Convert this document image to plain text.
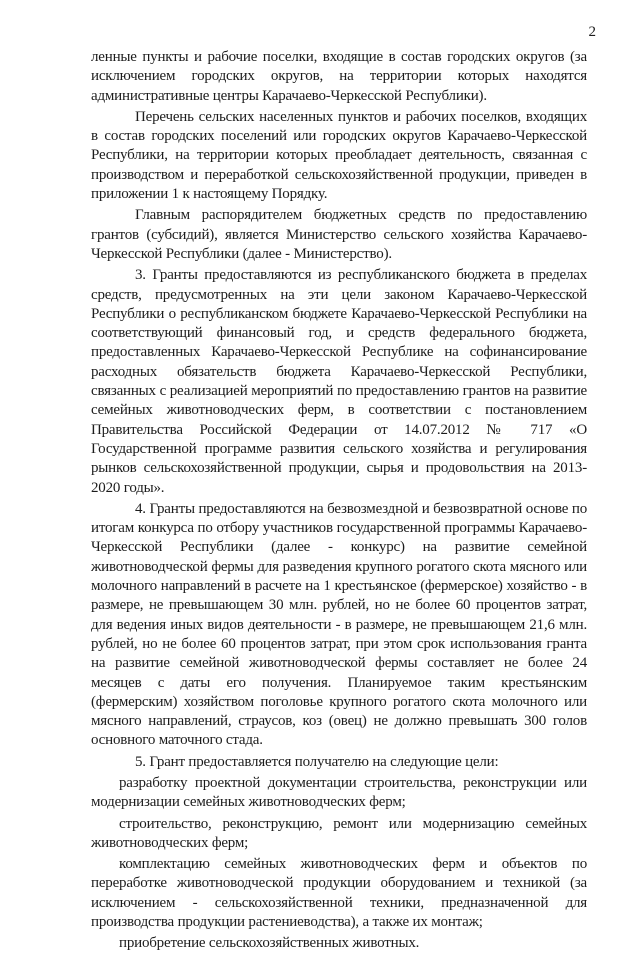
2

ленные пункты и рабочие поселки, входящие в состав городских округов (за исключением городских округов, на территории которых находятся административные центры Карачаево-Черкесской Республики).

Перечень сельских населенных пунктов и рабочих поселков, входящих в состав городских поселений или городских округов Карачаево-Черкесской Республики, на территории которых преобладает деятельность, связанная с производством и переработкой сельскохозяйственной продукции, приведен в приложении 1 к настоящему Порядку.

Главным распорядителем бюджетных средств по предоставлению грантов (субсидий), является Министерство сельского хозяйства Карачаево-Черкесской Республики (далее - Министерство).

3. Гранты предоставляются из республиканского бюджета в пределах средств, предусмотренных на эти цели законом Карачаево-Черкесской Республики о республиканском бюджете Карачаево-Черкесской Республики на соответствующий финансовый год, и средств федерального бюджета, предоставленных Карачаево-Черкесской Республике на софинансирование расходных обязательств бюджета Карачаево-Черкесской Республики, связанных с реализацией мероприятий по предоставлению грантов на развитие семейных животноводческих ферм, в соответствии с постановлением Правительства Российской Федерации от 14.07.2012 № 717 «О Государственной программе развития сельского хозяйства и регулирования рынков сельскохозяйственной продукции, сырья и продовольствия на 2013-2020 годы».

4. Гранты предоставляются на безвозмездной и безвозвратной основе по итогам конкурса по отбору участников государственной программы Карачаево-Черкесской Республики (далее - конкурс) на развитие семейной животноводческой фермы для разведения крупного рогатого скота мясного или молочного направлений в расчете на 1 крестьянское (фермерское) хозяйство - в размере, не превышающем 30 млн. рублей, но не более 60 процентов затрат, для ведения иных видов деятельности - в размере, не превышающем 21,6 млн. рублей, но не более 60 процентов затрат, при этом срок использования гранта на развитие семейной животноводческой фермы составляет не более 24 месяцев с даты его получения. Планируемое таким крестьянским (фермерским) хозяйством поголовье крупного рогатого скота молочного или мясного направлений, страусов, коз (овец) не должно превышать 300 голов основного маточного стада.

5. Грант предоставляется получателю на следующие цели:

разработку проектной документации строительства, реконструкции или модернизации семейных животноводческих ферм;

строительство, реконструкцию, ремонт или модернизацию семейных животноводческих ферм;

комплектацию семейных животноводческих ферм и объектов по переработке животноводческой продукции оборудованием и техникой (за исключением - сельскохозяйственной техники, предназначенной для производства продукции растениеводства), а также их монтаж;

приобретение сельскохозяйственных животных.
